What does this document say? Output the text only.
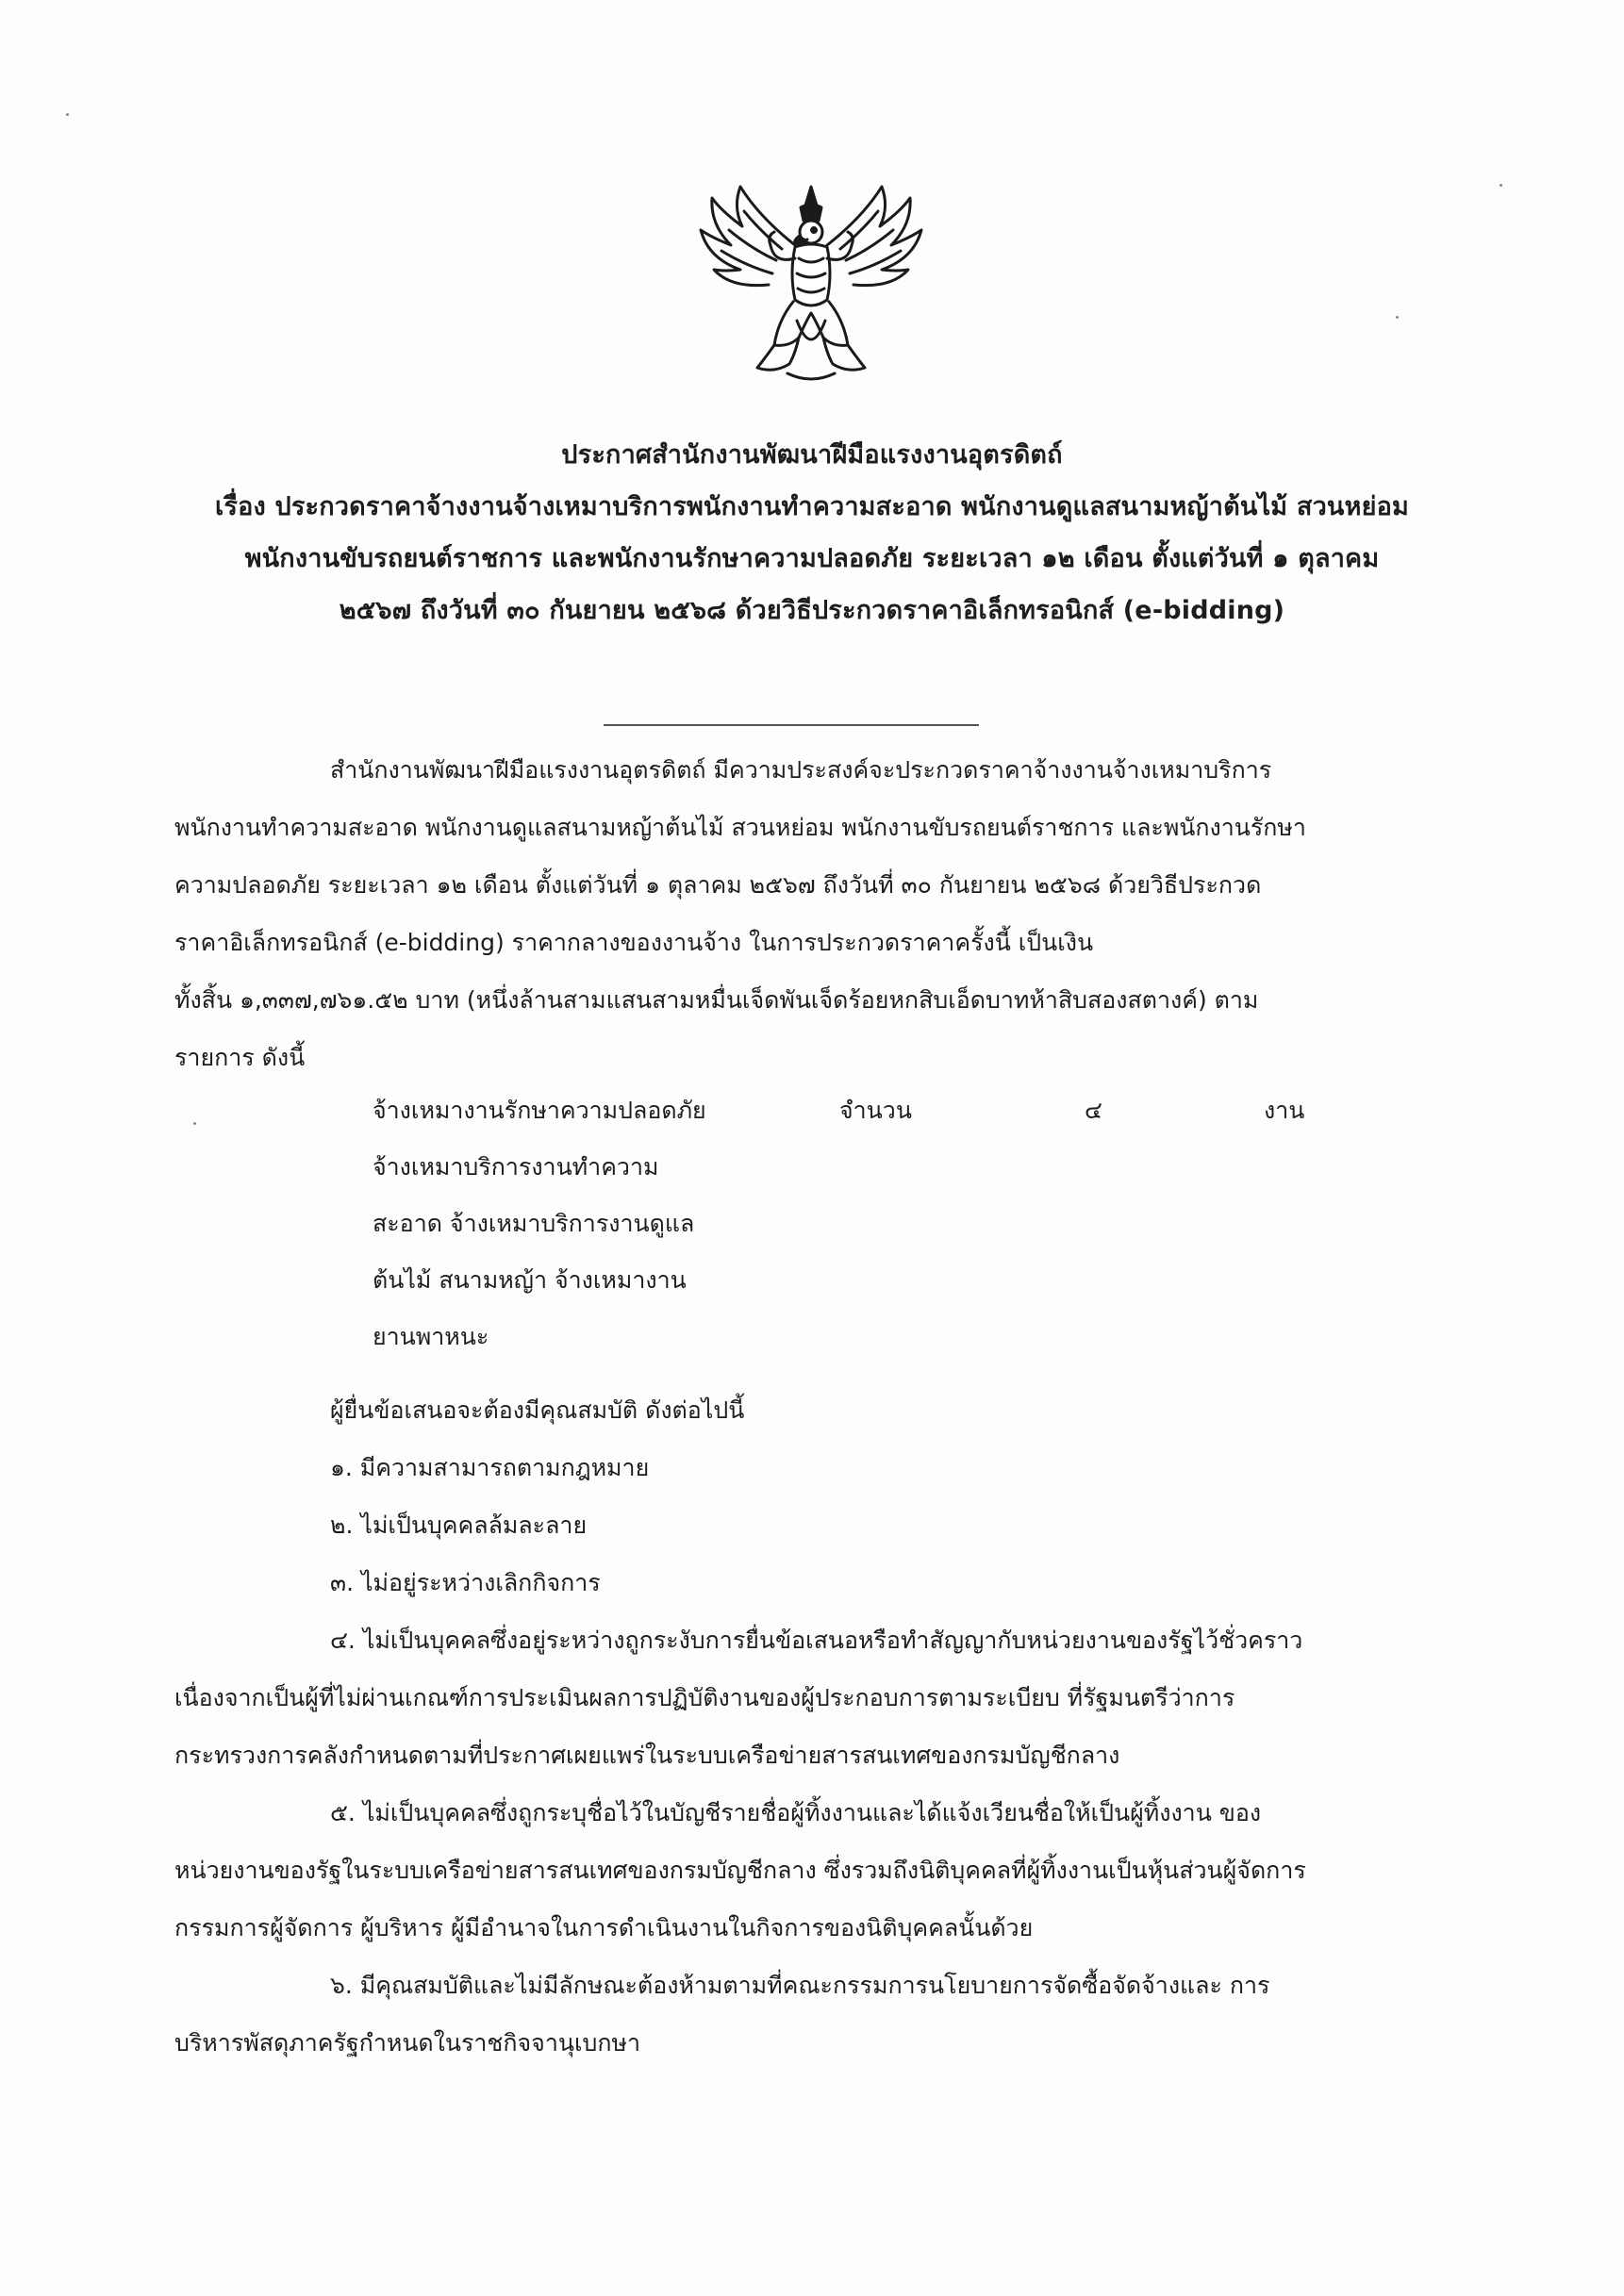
ประกาศสำนักงานพัฒนาฝีมือแรงงานอุตรดิตถ์
เรื่อง ประกวดราคาจ้างงานจ้างเหมาบริการพนักงานทำความสะอาด พนักงานดูแลสนามหญ้าต้นไม้ สวนหย่อม
พนักงานขับรถยนต์ราชการ และพนักงานรักษาความปลอดภัย ระยะเวลา ๑๒ เดือน ตั้งแต่วันที่ ๑ ตุลาคม
๒๕๖๗ ถึงวันที่ ๓๐ กันยายน ๒๕๖๘ ด้วยวิธีประกวดราคาอิเล็กทรอนิกส์ (e-bidding)
สำนักงานพัฒนาฝีมือแรงงานอุตรดิตถ์ มีความประสงค์จะประกวดราคาจ้างงานจ้างเหมาบริการ
พนักงานทำความสะอาด พนักงานดูแลสนามหญ้าต้นไม้ สวนหย่อม พนักงานขับรถยนต์ราชการ และพนักงานรักษา
ความปลอดภัย ระยะเวลา ๑๒ เดือน ตั้งแต่วันที่ ๑ ตุลาคม ๒๕๖๗ ถึงวันที่ ๓๐ กันยายน ๒๕๖๘ ด้วยวิธีประกวด
ราคาอิเล็กทรอนิกส์ (e-bidding) ราคากลางของงานจ้าง ในการประกวดราคาครั้งนี้ เป็นเงิน
ทั้งสิ้น ๑,๓๓๗,๗๖๑.๕๒ บาท (หนึ่งล้านสามแสนสามหมื่นเจ็ดพันเจ็ดร้อยหกสิบเอ็ดบาทห้าสิบสองสตางค์) ตาม
รายการ ดังนี้
จ้างเหมางานรักษาความปลอดภัย	จำนวน	๔	งาน
จ้างเหมาบริการงานทำความ
สะอาด จ้างเหมาบริการงานดูแล
ต้นไม้ สนามหญ้า จ้างเหมางาน
ยานพาหนะ
ผู้ยื่นข้อเสนอจะต้องมีคุณสมบัติ ดังต่อไปนี้
๑. มีความสามารถตามกฎหมาย
๒. ไม่เป็นบุคคลล้มละลาย
๓. ไม่อยู่ระหว่างเลิกกิจการ
๔. ไม่เป็นบุคคลซึ่งอยู่ระหว่างถูกระงับการยื่นข้อเสนอหรือทำสัญญากับหน่วยงานของรัฐไว้ชั่วคราว
เนื่องจากเป็นผู้ที่ไม่ผ่านเกณฑ์การประเมินผลการปฏิบัติงานของผู้ประกอบการตามระเบียบ ที่รัฐมนตรีว่าการ
กระทรวงการคลังกำหนดตามที่ประกาศเผยแพร่ในระบบเครือข่ายสารสนเทศของกรมบัญชีกลาง
๕. ไม่เป็นบุคคลซึ่งถูกระบุชื่อไว้ในบัญชีรายชื่อผู้ทิ้งงานและได้แจ้งเวียนชื่อให้เป็นผู้ทิ้งงาน ของ
หน่วยงานของรัฐในระบบเครือข่ายสารสนเทศของกรมบัญชีกลาง ซึ่งรวมถึงนิติบุคคลที่ผู้ทิ้งงานเป็นหุ้นส่วนผู้จัดการ
กรรมการผู้จัดการ ผู้บริหาร ผู้มีอำนาจในการดำเนินงานในกิจการของนิติบุคคลนั้นด้วย
๖. มีคุณสมบัติและไม่มีลักษณะต้องห้ามตามที่คณะกรรมการนโยบายการจัดซื้อจัดจ้างและ การ
บริหารพัสดุภาครัฐกำหนดในราชกิจจานุเบกษา
